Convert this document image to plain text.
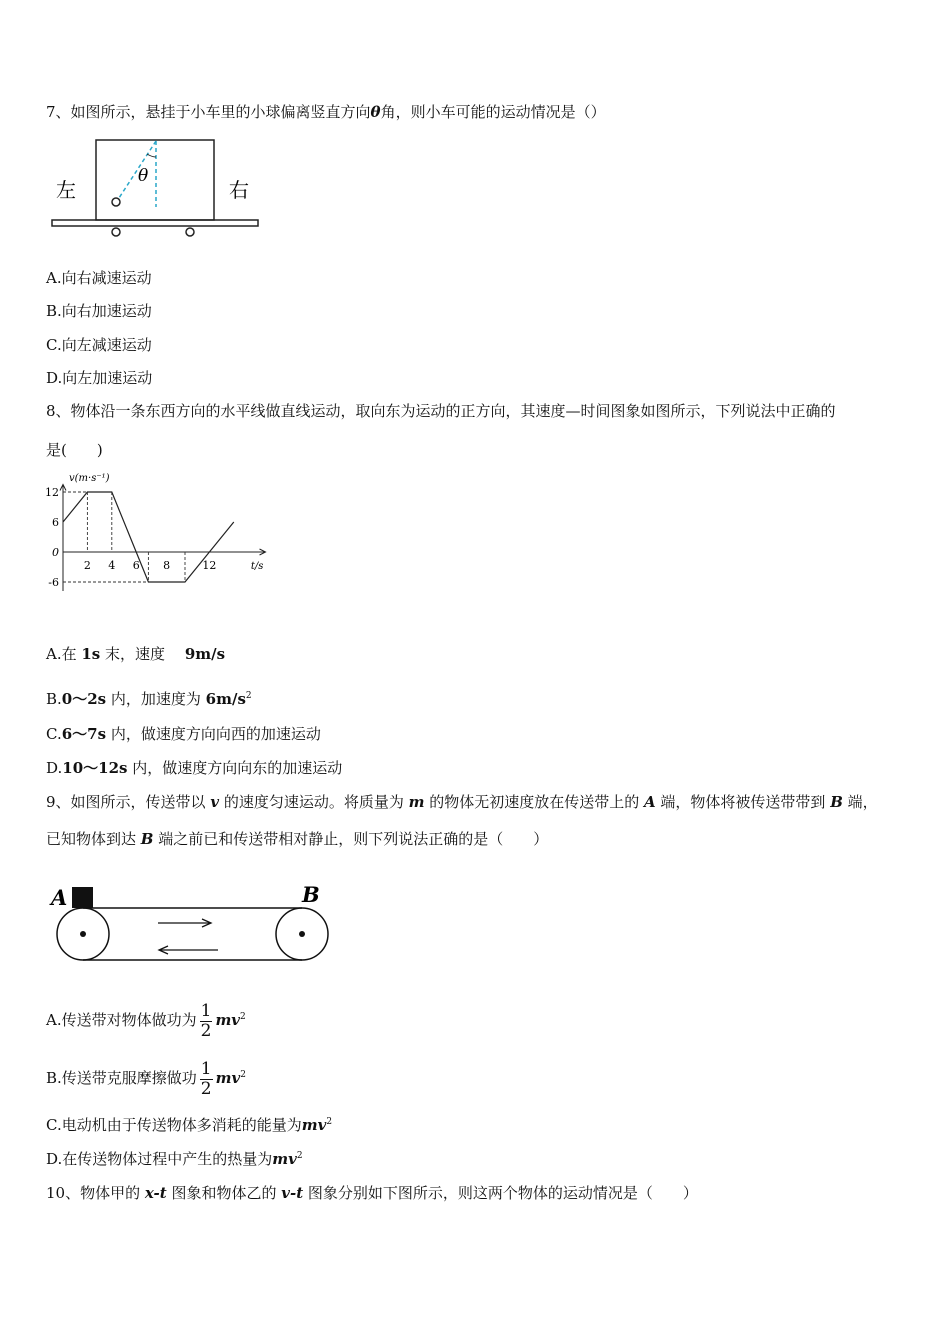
7、如图所示，悬挂于小车里的小球偏离竖直方向θ角，则小车可能的运动情况是（）
θ
左	右
A.向右减速运动
B.向右加速运动
C.向左减速运动
D.向左加速运动
8、物体沿一条东西方向的水平线做直线运动，取向东为运动的正方向，其速度—时间图象如图所示，下列说法中正确的
是(　　)
v(m·s⁻¹)
t/s
0
12
6
-6
2 4 6 8	12
A.在 1s 末，速度　 9m/s
B.0～2s 内，加速度为 $6m/s^2$
C.6～7s 内，做速度方向向西的加速运动
D.10～12s 内，做速度方向向东的加速运动
9、如图所示，传送带以 v 的速度匀速运动。将质量为 m 的物体无初速度放在传送带上的 A 端，物体将被传送带带到 B 端，
已知物体到达 B 端之前已和传送带相对静止，则下列说法正确的是（　　）
A	B
A.传送带对物体做功为 $\frac{1}{2} mv^2$
B.传送带克服摩擦做功 $\frac{1}{2} mv^2$
C.电动机由于传送物体多消耗的能量为$mv^2$
D.在传送物体过程中产生的热量为$mv^2$
10、物体甲的 x-t 图象和物体乙的 v-t 图象分别如下图所示，则这两个物体的运动情况是（　　）
